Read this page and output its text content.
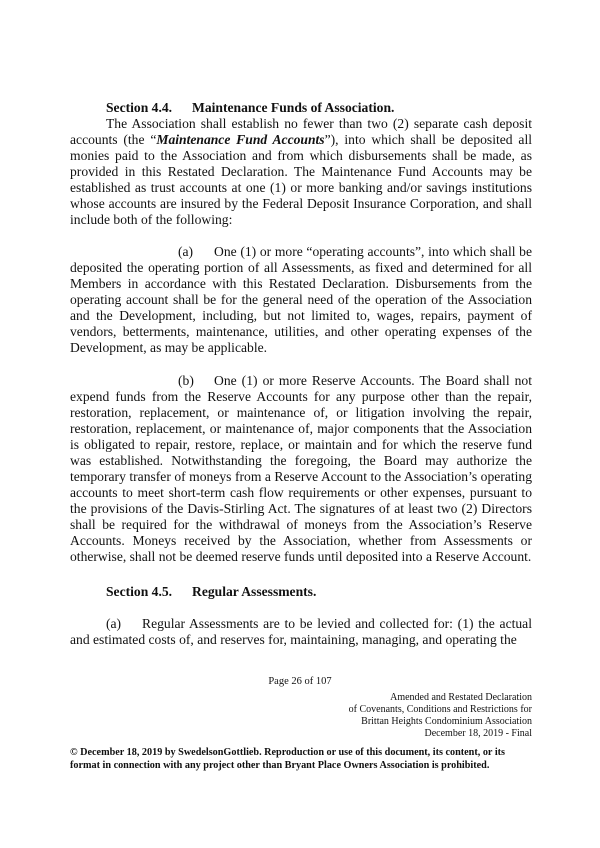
Section 4.4. Maintenance Funds of Association.

The Association shall establish no fewer than two (2) separate cash deposit accounts (the “Maintenance Fund Accounts”), into which shall be deposited all monies paid to the Association and from which disbursements shall be made, as provided in this Restated Declaration. The Maintenance Fund Accounts may be established as trust accounts at one (1) or more banking and/or savings institutions whose accounts are insured by the Federal Deposit Insurance Corporation, and shall include both of the following:

(a) One (1) or more “operating accounts”, into which shall be deposited the operating portion of all Assessments, as fixed and determined for all Members in accordance with this Restated Declaration. Disbursements from the operating account shall be for the general need of the operation of the Association and the Development, including, but not limited to, wages, repairs, payment of vendors, betterments, maintenance, utilities, and other operating expenses of the Development, as may be applicable.

(b) One (1) or more Reserve Accounts. The Board shall not expend funds from the Reserve Accounts for any purpose other than the repair, restoration, replacement, or maintenance of, or litigation involving the repair, restoration, replacement, or maintenance of, major components that the Association is obligated to repair, restore, replace, or maintain and for which the reserve fund was established. Notwithstanding the foregoing, the Board may authorize the temporary transfer of moneys from a Reserve Account to the Association’s operating accounts to meet short-term cash flow requirements or other expenses, pursuant to the provisions of the Davis-Stirling Act. The signatures of at least two (2) Directors shall be required for the withdrawal of moneys from the Association’s Reserve Accounts. Moneys received by the Association, whether from Assessments or otherwise, shall not be deemed reserve funds until deposited into a Reserve Account.

Section 4.5. Regular Assessments.

(a) Regular Assessments are to be levied and collected for: (1) the actual and estimated costs of, and reserves for, maintaining, managing, and operating the

Page 26 of 107
Amended and Restated Declaration
of Covenants, Conditions and Restrictions for
Brittan Heights Condominium Association
December 18, 2019 - Final
© December 18, 2019 by SwedelsonGottlieb. Reproduction or use of this document, its content, or its format in connection with any project other than Bryant Place Owners Association is prohibited.
